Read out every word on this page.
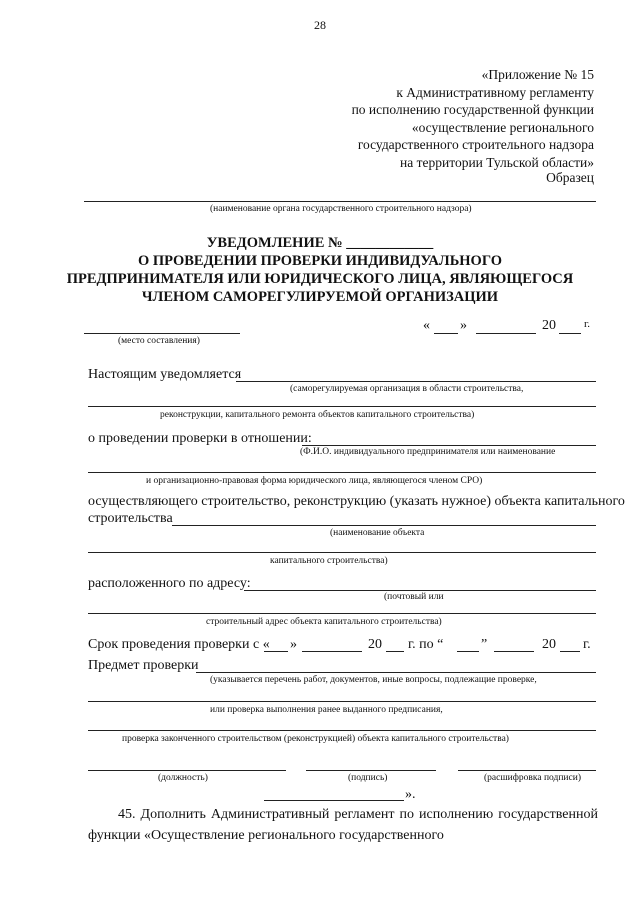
28
«Приложение № 15
к Административному регламенту
по исполнению государственной функции
«осуществление регионального
государственного строительного надзора
на территории Тульской области»
Образец
(наименование органа государственного строительного надзора)
УВЕДОМЛЕНИЕ № ____________
О ПРОВЕДЕНИИ ПРОВЕРКИ ИНДИВИДУАЛЬНОГО
ПРЕДПРИНИМАТЕЛЯ ИЛИ ЮРИДИЧЕСКОГО ЛИЦА, ЯВЛЯЮЩЕГОСЯ
ЧЛЕНОМ САМОРЕГУЛИРУЕМОЙ ОРГАНИЗАЦИИ
(место составления)
« »	20	г.
Настоящим уведомляется
(саморегулируемая организация в области строительства,
реконструкции, капитального ремонта объектов капитального строительства)
о проведении проверки в отношении:
(Ф.И.О. индивидуального предпринимателя или наименование
и организационно-правовая форма юридического лица, являющегося членом СРО)
осуществляющего строительство, реконструкцию (указать нужное) объекта капитального
строительства
(наименование объекта
капитального строительства)
расположенного по адресу:
(почтовый или
строительный адрес объекта капитального строительства)
Срок проведения проверки с « »	20 г. по “	”	20 г.
Предмет проверки
(указывается перечень работ, документов, иные вопросы, подлежащие проверке,
или проверка выполнения ранее выданного предписания,
проверка законченного строительством (реконструкцией) объекта капитального строительства)
(должность)	(подпись)	(расшифровка подписи)
».
45. Дополнить Административный регламент по исполнению государственной функции «Осуществление регионального государственного
